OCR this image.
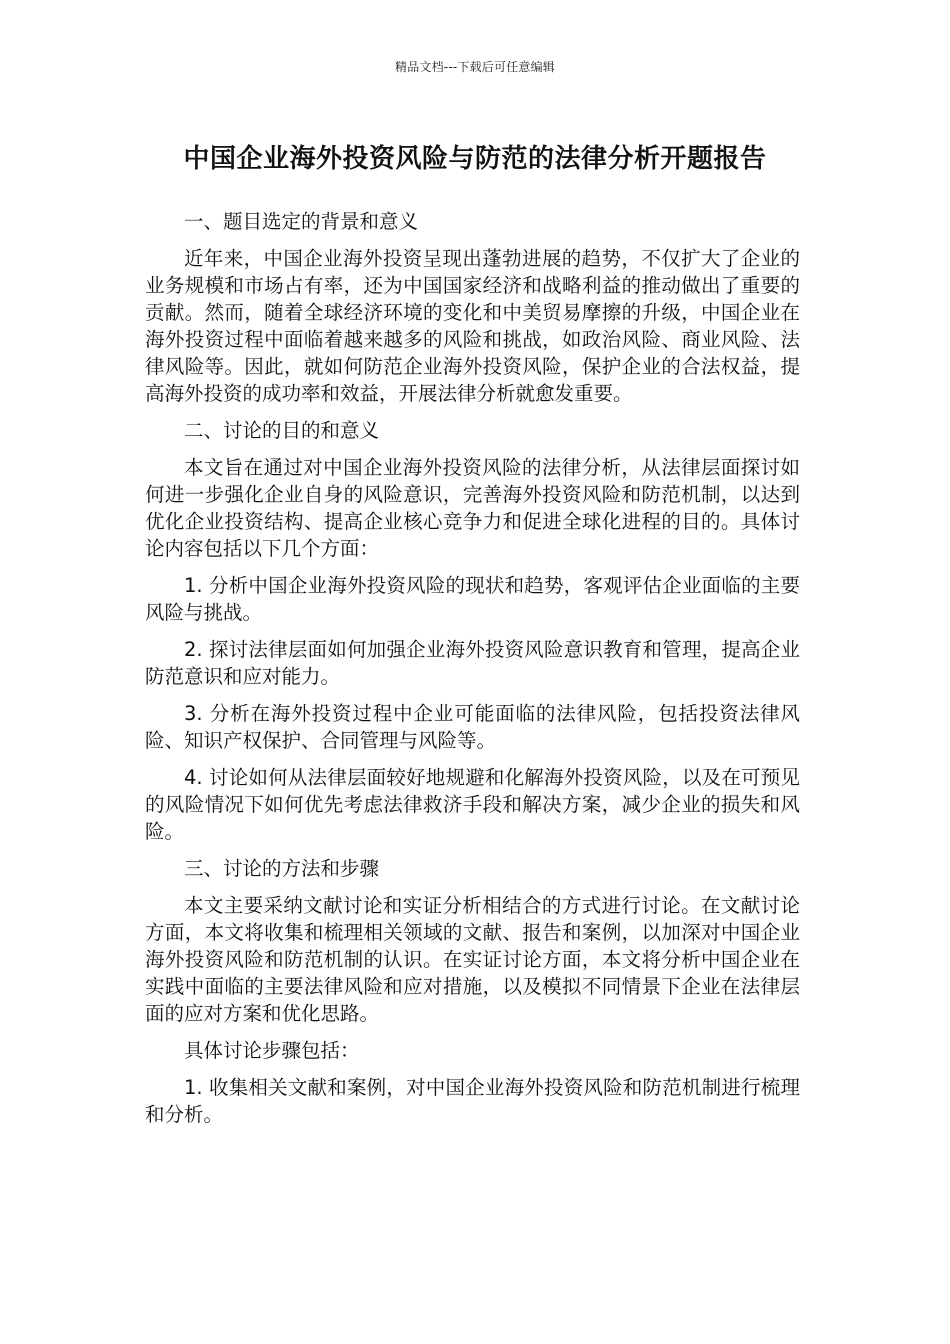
精品文档---下载后可任意编辑
中国企业海外投资风险与防范的法律分析开题报告

一、题目选定的背景和意义

近年来，中国企业海外投资呈现出蓬勃进展的趋势，不仅扩大了企业的业务规模和市场占有率，还为中国国家经济和战略利益的推动做出了重要的贡献。然而，随着全球经济环境的变化和中美贸易摩擦的升级，中国企业在海外投资过程中面临着越来越多的风险和挑战，如政治风险、商业风险、法律风险等。因此，就如何防范企业海外投资风险，保护企业的合法权益，提高海外投资的成功率和效益，开展法律分析就愈发重要。

二、讨论的目的和意义

本文旨在通过对中国企业海外投资风险的法律分析，从法律层面探讨如何进一步强化企业自身的风险意识，完善海外投资风险和防范机制，以达到优化企业投资结构、提高企业核心竞争力和促进全球化进程的目的。具体讨论内容包括以下几个方面：

1. 分析中国企业海外投资风险的现状和趋势，客观评估企业面临的主要风险与挑战。

2. 探讨法律层面如何加强企业海外投资风险意识教育和管理，提高企业防范意识和应对能力。

3. 分析在海外投资过程中企业可能面临的法律风险，包括投资法律风险、知识产权保护、合同管理与风险等。

4. 讨论如何从法律层面较好地规避和化解海外投资风险，以及在可预见的风险情况下如何优先考虑法律救济手段和解决方案，减少企业的损失和风险。

三、讨论的方法和步骤

本文主要采纳文献讨论和实证分析相结合的方式进行讨论。在文献讨论方面，本文将收集和梳理相关领域的文献、报告和案例，以加深对中国企业海外投资风险和防范机制的认识。在实证讨论方面，本文将分析中国企业在实践中面临的主要法律风险和应对措施，以及模拟不同情景下企业在法律层面的应对方案和优化思路。

具体讨论步骤包括：

1. 收集相关文献和案例，对中国企业海外投资风险和防范机制进行梳理和分析。
